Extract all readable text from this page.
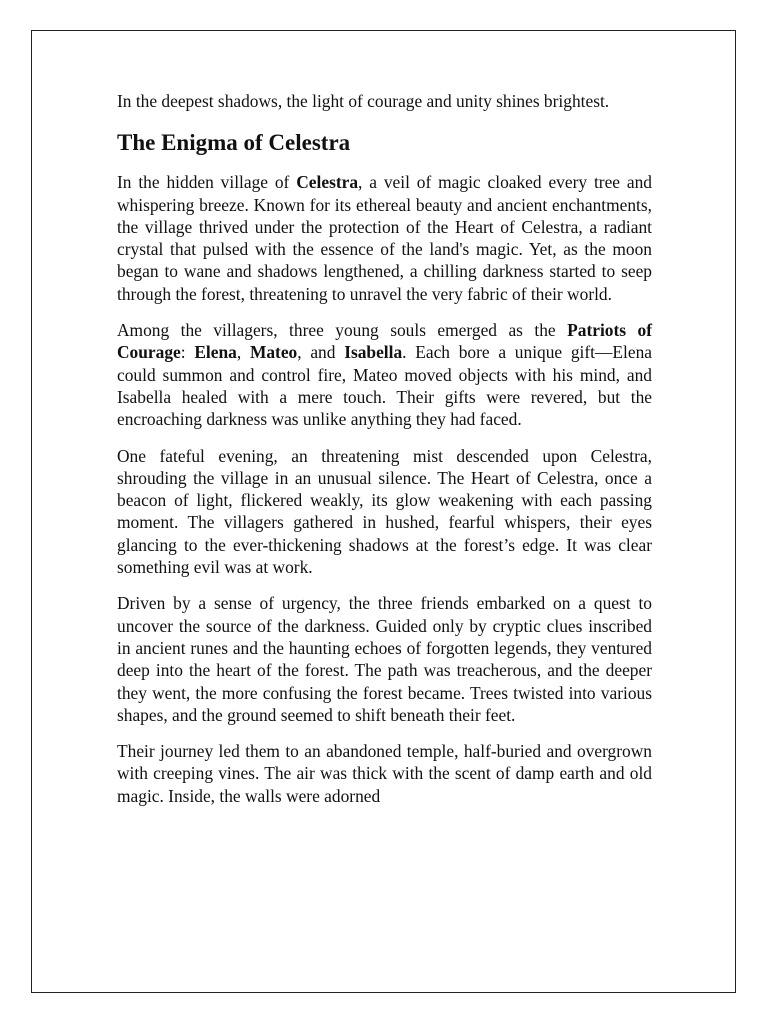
In the deepest shadows, the light of courage and unity shines brightest.

The Enigma of Celestra

In the hidden village of Celestra, a veil of magic cloaked every tree and whispering breeze. Known for its ethereal beauty and ancient enchantments, the village thrived under the protection of the Heart of Celestra, a radiant crystal that pulsed with the essence of the land's magic. Yet, as the moon began to wane and shadows lengthened, a chilling darkness started to seep through the forest, threatening to unravel the very fabric of their world.

Among the villagers, three young souls emerged as the Patriots of Courage: Elena, Mateo, and Isabella. Each bore a unique gift—Elena could summon and control fire, Mateo moved objects with his mind, and Isabella healed with a mere touch. Their gifts were revered, but the encroaching darkness was unlike anything they had faced.

One fateful evening, an threatening mist descended upon Celestra, shrouding the village in an unusual silence. The Heart of Celestra, once a beacon of light, flickered weakly, its glow weakening with each passing moment. The villagers gathered in hushed, fearful whispers, their eyes glancing to the ever-thickening shadows at the forest’s edge. It was clear something evil was at work.

Driven by a sense of urgency, the three friends embarked on a quest to uncover the source of the darkness. Guided only by cryptic clues inscribed in ancient runes and the haunting echoes of forgotten legends, they ventured deep into the heart of the forest. The path was treacherous, and the deeper they went, the more confusing the forest became. Trees twisted into various shapes, and the ground seemed to shift beneath their feet.

Their journey led them to an abandoned temple, half-buried and overgrown with creeping vines. The air was thick with the scent of damp earth and old magic. Inside, the walls were adorned
